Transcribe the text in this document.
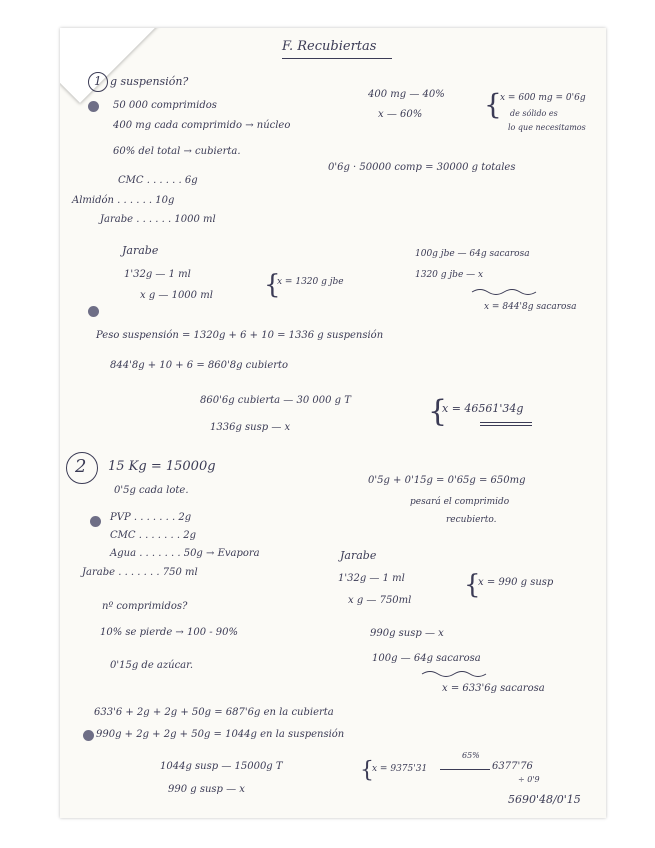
F. Recubiertas
1 g suspensión?
50 000 comprimidos
400 mg cada comprimido → núcleo
60% del total → cubierta.
CMC . . . . . . 6g
Almidón . . . . . . 10g
Jarabe . . . . . . 1000 ml
400 mg — 40%
x — 60% {
x = 600 mg = 0'6g
de sólido es
lo que necesitamos
0'6g · 50000 comp = 30000 g totales
Jarabe
1'32g — 1 ml
x g — 1000 ml {
x = 1320 g jbe
100g jbe — 64g sacarosa
1320 g jbe — x
x = 844'8g sacarosa
Peso suspensión = 1320g + 6 + 10 = 1336 g suspensión
844'8g + 10 + 6 = 860'8g cubierto
860'6g cubierta — 30 000 g T
1336g susp — x	{
x = 46561'34g
2 15 Kg = 15000g
0'5g cada lote.
PVP . . . . . . . 2g
CMC . . . . . . . 2g
Agua . . . . . . . 50g → Evapora
Jarabe . . . . . . . 750 ml
nº comprimidos?
10% se pierde → 100 - 90%
0'15g de azúcar.
0'5g + 0'15g = 0'65g = 650mg
pesará el comprimido
recubierto.
Jarabe
1'32g — 1 ml
x g — 750ml
{
x = 990 g susp
990g susp — x
100g — 64g sacarosa
x = 633'6g sacarosa
633'6 + 2g + 2g + 50g = 687'6g en la cubierta
990g + 2g + 2g + 50g = 1044g en la suspensión
1044g susp — 15000g T
990 g susp — x
{
x = 9375'31
65%
6377'76
÷ 0'9
5690'48/0'15
